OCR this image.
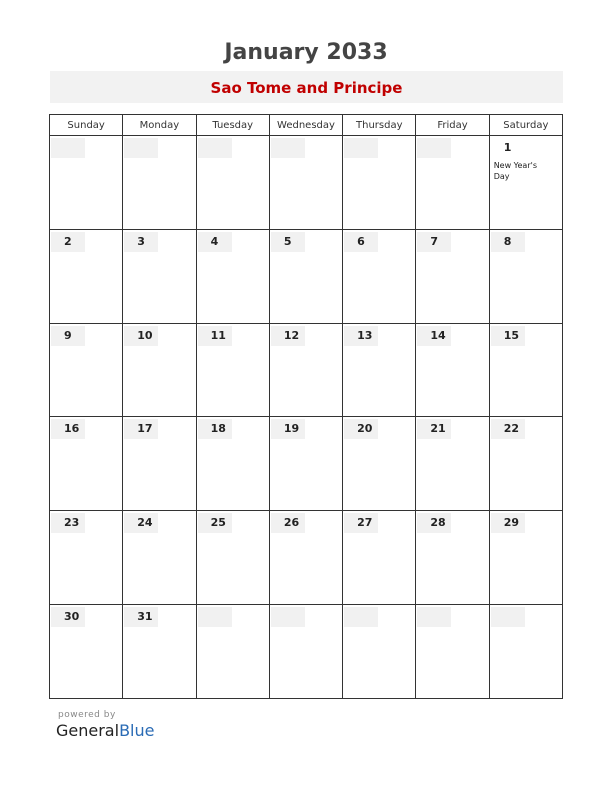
January 2033
Sao Tome and Principe
Sunday	Monday	Tuesday	Wednesday	Thursday	Friday	Saturday

						1
New Year's Day

2	3	4	5	6	7	8

9	10	11	12	13	14	15

16	17	18	19	20	21	22

23	24	25	26	27	28	29

30	31					

powered by
GeneralBlue
